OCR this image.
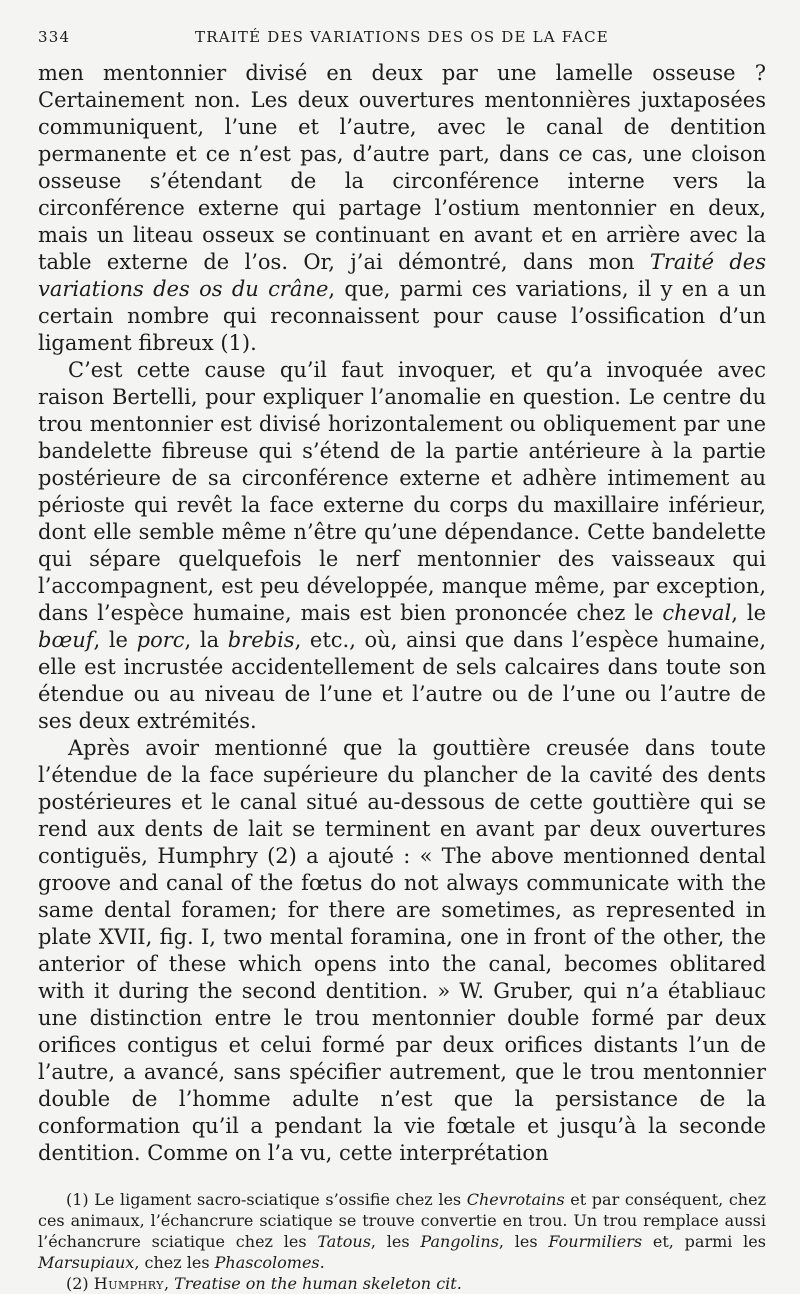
334	TRAITÉ DES VARIATIONS DES OS DE LA FACE

men mentonnier divisé en deux par une lamelle osseuse ? Certainement non. Les deux ouvertures mentonnières juxtaposées communiquent, l’une et l’autre, avec le canal de dentition permanente et ce n’est pas, d’autre part, dans ce cas, une cloison osseuse s’étendant de la circonférence interne vers la circonférence externe qui partage l’ostium mentonnier en deux, mais un liteau osseux se continuant en avant et en arrière avec la table externe de l’os. Or, j’ai démontré, dans mon Traité des variations des os du crâne, que, parmi ces variations, il y en a un certain nombre qui reconnaissent pour cause l’ossification d’un ligament fibreux (1).

C’est cette cause qu’il faut invoquer, et qu’a invoquée avec raison Bertelli, pour expliquer l’anomalie en question. Le centre du trou mentonnier est divisé horizontalement ou obliquement par une bandelette fibreuse qui s’étend de la partie antérieure à la partie postérieure de sa circonférence externe et adhère intimement au périoste qui revêt la face externe du corps du maxillaire inférieur, dont elle semble même n’être qu’une dépendance. Cette bandelette qui sépare quelquefois le nerf mentonnier des vaisseaux qui l’accompagnent, est peu développée, manque même, par exception, dans l’espèce humaine, mais est bien prononcée chez le cheval, le bœuf, le porc, la brebis, etc., où, ainsi que dans l’espèce humaine, elle est incrustée accidentellement de sels calcaires dans toute son étendue ou au niveau de l’une et l’autre ou de l’une ou l’autre de ses deux extrémités.

Après avoir mentionné que la gouttière creusée dans toute l’étendue de la face supérieure du plancher de la cavité des dents postérieures et le canal situé au-dessous de cette gouttière qui se rend aux dents de lait se terminent en avant par deux ouvertures contiguës, Humphry (2) a ajouté : « The above mentionned dental groove and canal of the fœtus do not always communicate with the same dental foramen; for there are sometimes, as represented in plate XVII, fig. I, two mental foramina, one in front of the other, the anterior of these which opens into the canal, becomes oblitared with it during the second dentition. » W. Gruber, qui n’a établiauc une distinction entre le trou mentonnier double formé par deux orifices contigus et celui formé par deux orifices distants l’un de l’autre, a avancé, sans spécifier autrement, que le trou mentonnier double de l’homme adulte n’est que la persistance de la conformation qu’il a pendant la vie fœtale et jusqu’à la seconde dentition. Comme on l’a vu, cette interprétation

(1) Le ligament sacro-sciatique s’ossifie chez les Chevrotains et par conséquent, chez ces animaux, l’échancrure sciatique se trouve convertie en trou. Un trou remplace aussi l’échancrure sciatique chez les Tatous, les Pangolins, les Fourmiliers et, parmi les Marsupiaux, chez les Phascolomes.

(2) Humphry, Treatise on the human skeleton cit.
